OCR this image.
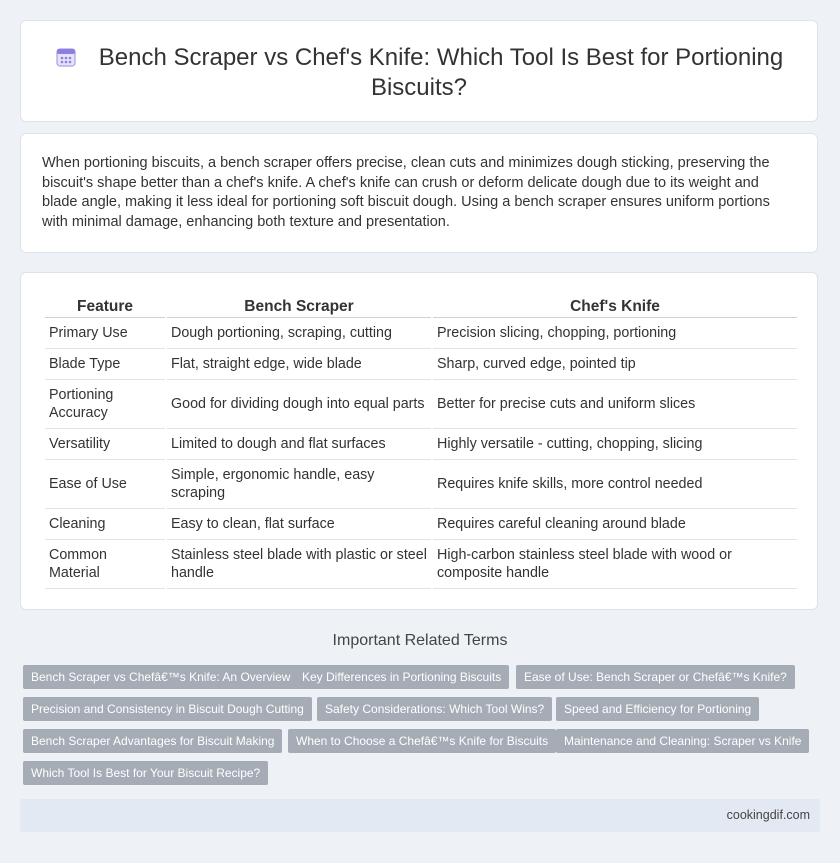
Bench Scraper vs Chef's Knife: Which Tool Is Best for Portioning Biscuits?

When portioning biscuits, a bench scraper offers precise, clean cuts and minimizes dough sticking, preserving the biscuit's shape better than a chef's knife. A chef's knife can crush or deform delicate dough due to its weight and blade angle, making it less ideal for portioning soft biscuit dough. Using a bench scraper ensures uniform portions with minimal damage, enhancing both texture and presentation.

Feature	Bench Scraper	Chef's Knife
Primary Use	Dough portioning, scraping, cutting	Precision slicing, chopping, portioning
Blade Type	Flat, straight edge, wide blade	Sharp, curved edge, pointed tip
Portioning Accuracy	Good for dividing dough into equal parts	Better for precise cuts and uniform slices
Versatility	Limited to dough and flat surfaces	Highly versatile - cutting, chopping, slicing
Ease of Use	Simple, ergonomic handle, easy scraping	Requires knife skills, more control needed
Cleaning	Easy to clean, flat surface	Requires careful cleaning around blade
Common Material	Stainless steel blade with plastic or steel handle	High-carbon stainless steel blade with wood or composite handle
Important Related Terms
Bench Scraper vs Chefâ€™s Knife: An Overview Key Differences in Portioning Biscuits	Ease of Use: Bench Scraper or Chefâ€™s Knife?
Precision and Consistency in Biscuit Dough Cutting	Safety Considerations: Which Tool Wins?	Speed and Efficiency for Portioning
Bench Scraper Advantages for Biscuit Making	When to Choose a Chefâ€™s Knife for Biscuits	Maintenance and Cleaning: Scraper vs Knife
Which Tool Is Best for Your Biscuit Recipe?
cookingdif.com
